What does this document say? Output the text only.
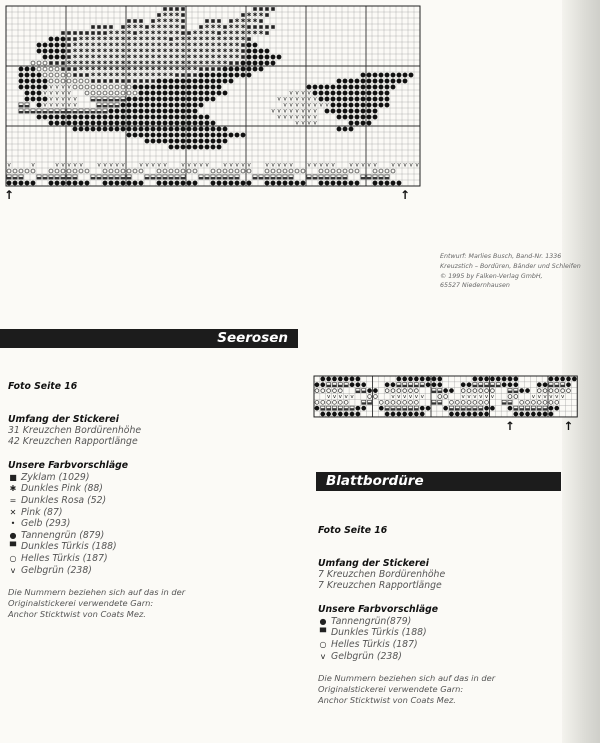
✱ ✱ ✱	✱ ✱ ✱
✱ ✱ ✱ ✱	✱ ✱ ✱ ✱
✱ ✱ ✱ ✱ ✱ ✱ ✱ ✱	✱ ✱ ✱ ✱ ✱ ✱
✱ ✱ ✱ ✱ ✱ ✱ ✱ ✱ ✱ ✱ ✱ ✱ ✱ ✱ ✱ ✱ ✱ ✱ ✱ ✱ ✱ ✱
✱ ✱ ✱ ✱ ✱ ✱ ✱ ✱ ✱ ✱ ✱ ✱ ✱ ✱ ✱ ✱ ✱ ✱ ✱ ✱ ✱ ✱ ✱ ✱ ✱ ✱ ✱
✱ ✱ ✱ ✱ ✱ ✱ ✱ ✱ ✱ ✱ ✱ ✱ ✱ ✱ ✱ ✱ ✱ ✱ ✱ ✱ ✱ ✱ ✱ ✱ ✱ ✱ ✱ ✱
✱ ✱ ✱ ✱ ✱ ✱ ✱ ✱ ✱ ✱ ✱ ✱ ✱ ✱ ✱ ✱ ✱ ✱ ✱ ✱ ✱ ✱ ✱ ✱ ✱ ✱ ✱ ✱
✱ ✱ ✱ ✱ ✱ ✱ ✱ ✱ ✱ ✱ ✱ ✱ ✱ ✱ ✱ ✱ ✱ ✱ ✱ ✱ ✱ ✱ ✱ ✱ ✱ ✱ ✱ ✱
✱ ✱ ✱ ✱ ✱ ✱ ✱ ✱ ✱ ✱ ✱ ✱ ✱ ✱ ✱ ✱ ✱ ✱ ✱ ✱ ✱ ✱ ✱ ✱ ✱ ✱ ✱
✱ ✱ ✱ ✱ ✱ ✱ ✱ ✱ ✱ ✱ ✱ ✱ ✱ ✱ ✱ ✱ ✱ ✱ ✱ ✱
✱ ✱ ✱ ✱ ✱ ✱ ✱ ✱ ✱ ✱ ✱ ✱ ✱ ✱
v v v v
v v v v v	v v v v
v v v v v	v v v v v v v
v v v v v v	v v v v v v v v
v v v v v v v v
v v v v v v v
v v v v
v	v	v v v v v	v v v v v	v v v v v	v v v v v	v v v v v	v v v v v	v v v v v	v v v v v	v v v v v
↑	↑
Entwurf: Marlies Busch, Band-Nr. 1336
Kreuzstich – Bordüren, Bänder und Schleifen
© 1995 by Falken-Verlag GmbH,
65527 Niedernhausen
Seerosen
Foto Seite 16
Umfang der Stickerei
31 Kreuzchen Bordürenhöhe
42 Kreuzchen Rapportlänge
Unsere Farbvorschläge
■ Zyklam (1029)
✱ Dunkles Pink (88)
= Dunkles Rosa (52)
✕ Pink (87)
• Gelb (293)
● Tannengrün (879)
▀ Dunkles Türkis (188)
○ Helles Türkis (187)
v Gelbgrün (238)
Die Nummern beziehen sich auf das in der
Originalstickerei verwendete Garn:
Anchor Sticktwist von Coats Mez.
v v v v v	v v v v v v	v v v v v v	v v v v v v
↑	↑
Blattbordüre
Foto Seite 16
Umfang der Stickerei
7 Kreuzchen Bordürenhöhe
7 Kreuzchen Rapportlänge
Unsere Farbvorschläge
● Tannengrün(879)
▀ Dunkles Türkis (188)
○ Helles Türkis (187)
v Gelbgrün (238)
Die Nummern beziehen sich auf das in der
Originalstickerei verwendete Garn:
Anchor Sticktwist von Coats Mez.
